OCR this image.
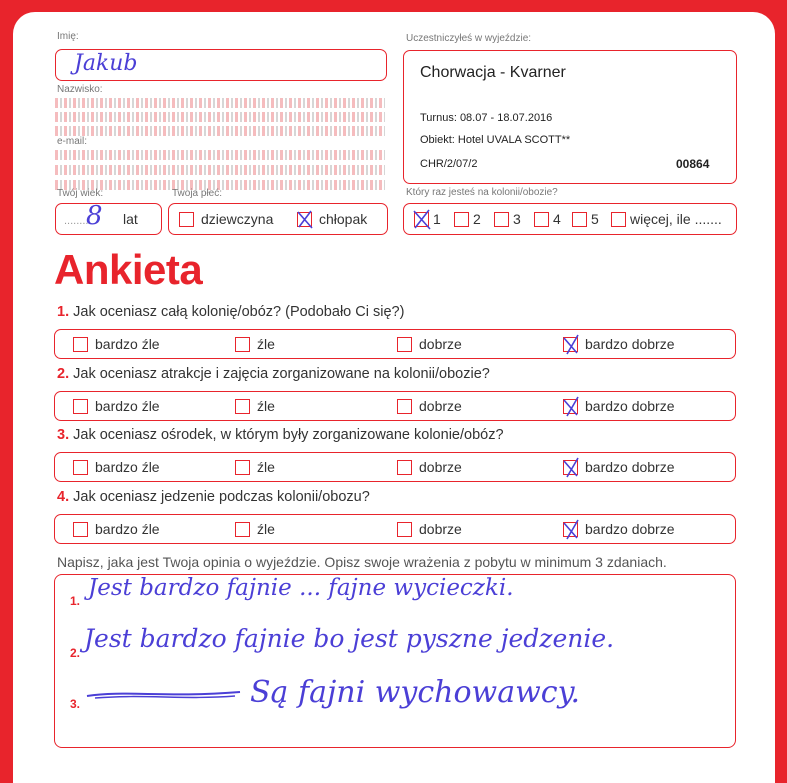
Imię:
Jakub
Nazwisko:
e-mail:
Twój wiek:
........
8 lat
Twoja płeć:
dziewczyna	chłopak
Uczestniczyłeś w wyjeździe:
Chorwacja - Kvarner
Turnus: 08.07 - 18.07.2016
Obiekt: Hotel UVALA SCOTT**
CHR/2/07/2	00864
Który raz jesteś na kolonii/obozie?
1 2 3 4 5 więcej, ile .......
Ankieta
1. Jak oceniasz całą kolonię/obóz? (Podobało Ci się?)
bardzo źle	źle	dobrze	bardzo dobrze
2. Jak oceniasz atrakcje i zajęcia zorganizowane na kolonii/obozie?
bardzo źle	źle	dobrze	bardzo dobrze
3. Jak oceniasz ośrodek, w którym były zorganizowane kolonie/obóz?
bardzo źle	źle	dobrze	bardzo dobrze
4. Jak oceniasz jedzenie podczas kolonii/obozu?
bardzo źle	źle	dobrze	bardzo dobrze
Napisz, jaka jest Twoja opinia o wyjeździe. Opisz swoje wrażenia z pobytu w minimum 3 zdaniach.
1. Jest bardzo fajnie ... fajne wycieczki.
2. Jest bardzo fajnie bo jest pyszne jedzenie.
3.	Są fajni wychowawcy.
